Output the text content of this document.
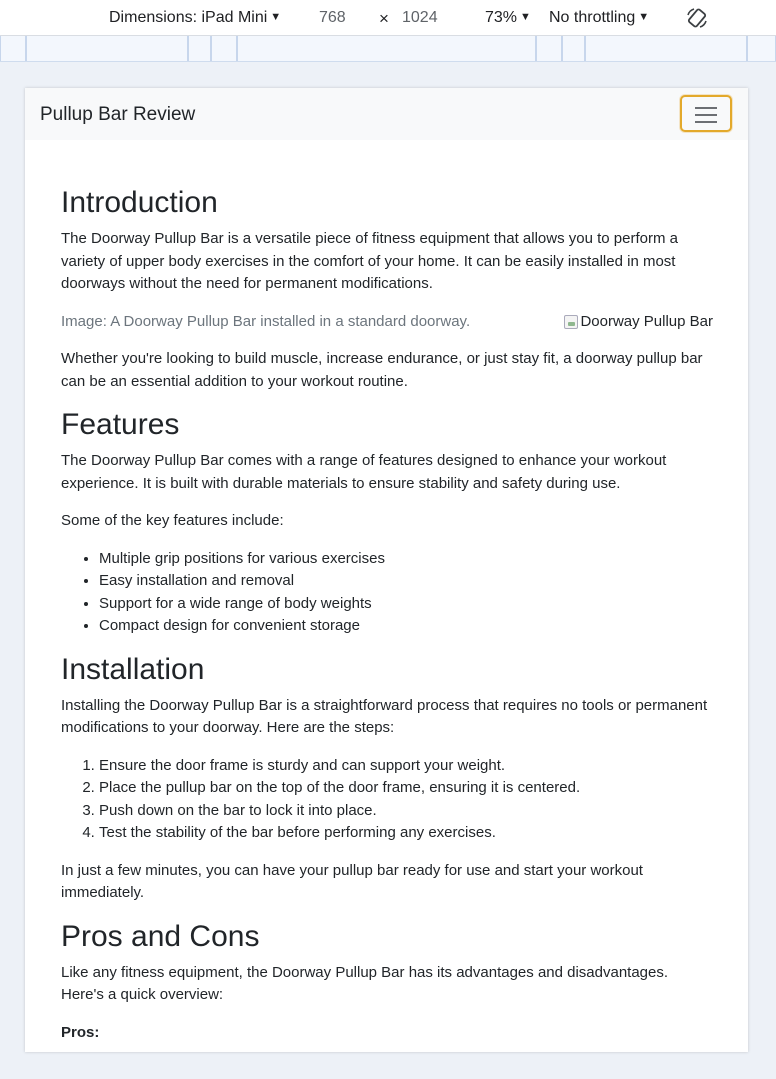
Dimensions: iPad Mini ▼ 768 × 1024	73% ▼ No throttling ▼
Pullup Bar Review
Introduction

The Doorway Pullup Bar is a versatile piece of fitness equipment that allows you to perform a variety of upper body exercises in the comfort of your home. It can be easily installed in most doorways without the need for permanent modifications.

Image: A Doorway Pullup Bar installed in a standard doorway.	Doorway Pullup Bar

Whether you're looking to build muscle, increase endurance, or just stay fit, a doorway pullup bar can be an essential addition to your workout routine.

Features

The Doorway Pullup Bar comes with a range of features designed to enhance your workout experience. It is built with durable materials to ensure stability and safety during use.

Some of the key features include:

• Multiple grip positions for various exercises
• Easy installation and removal
• Support for a wide range of body weights
• Compact design for convenient storage
Installation

Installing the Doorway Pullup Bar is a straightforward process that requires no tools or permanent modifications to your doorway. Here are the steps:

1. Ensure the door frame is sturdy and can support your weight.
2. Place the pullup bar on the top of the door frame, ensuring it is centered.
3. Push down on the bar to lock it into place.
4. Test the stability of the bar before performing any exercises.

In just a few minutes, you can have your pullup bar ready for use and start your workout immediately.

Pros and Cons

Like any fitness equipment, the Doorway Pullup Bar has its advantages and disadvantages. Here's a quick overview:

Pros:
